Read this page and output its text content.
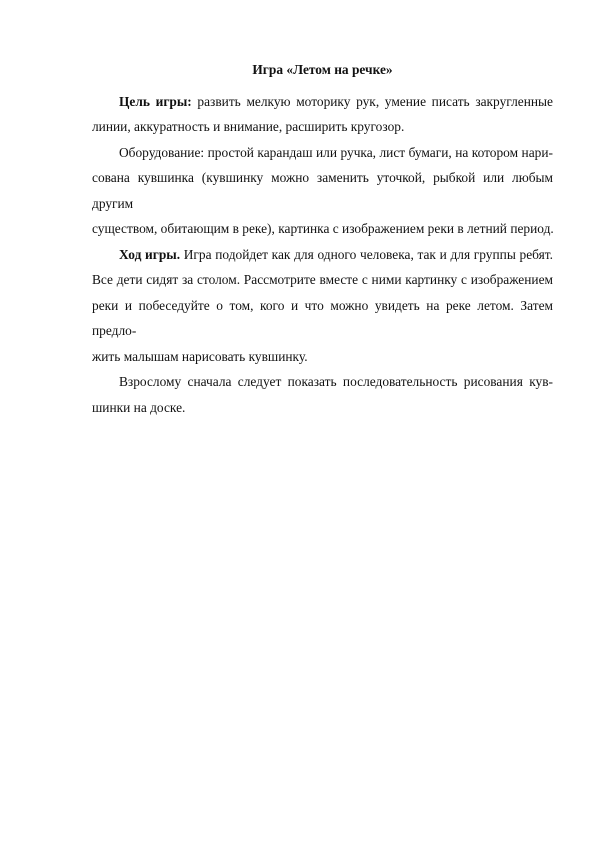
Игра «Летом на речке»
Цель игры: развить мелкую моторику рук, умение писать закругленные
линии, аккуратность и внимание, расширить кругозор.
Оборудование: простой карандаш или ручка, лист бумаги, на котором нари-
сована кувшинка (кувшинку можно заменить уточкой, рыбкой или любым другим
существом, обитающим в реке), картинка с изображением реки в летний период.
Ход игры. Игра подойдет как для одного человека, так и для группы ребят.
Все дети сидят за столом. Рассмотрите вместе с ними картинку с изображением
реки и побеседуйте о том, кого и что можно увидеть на реке летом. Затем предло-
жить малышам нарисовать кувшинку.
Взрослому сначала следует показать последовательность рисования кув-
шинки на доске.
